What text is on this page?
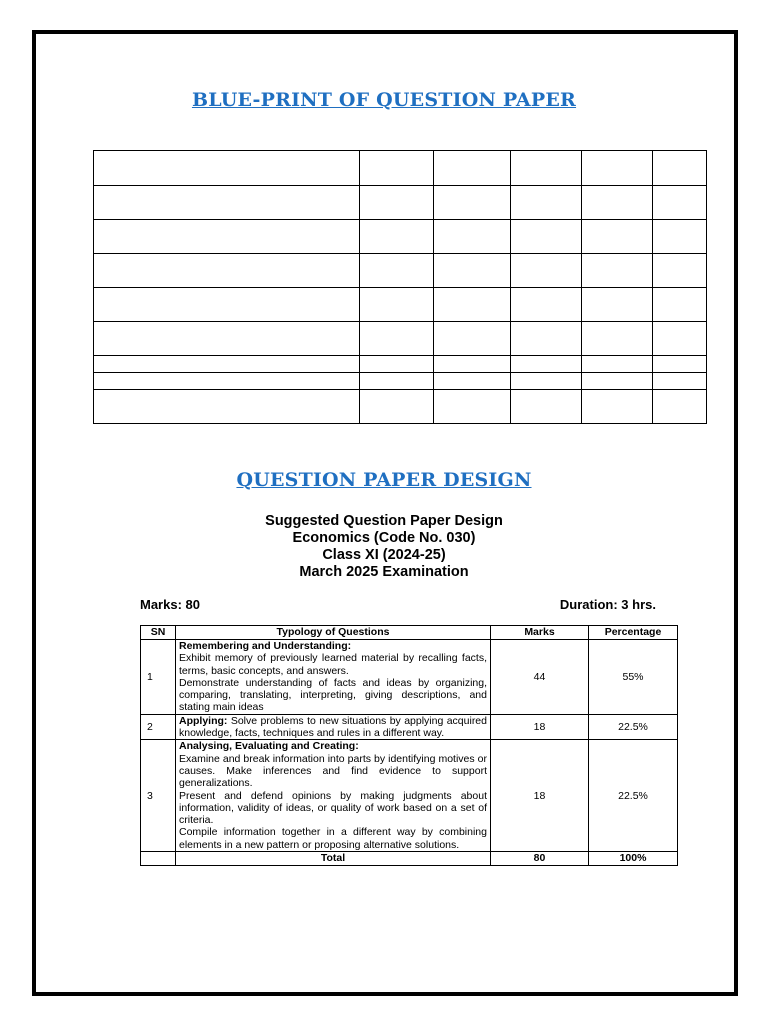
BLUE-PRINT OF QUESTION PAPER

QUESTION PAPER DESIGN
Suggested Question Paper Design
Economics (Code No. 030)
Class XI (2024-25)
March 2025 Examination
Marks: 80	Duration: 3 hrs.
SN	Typology of Questions	Marks	Percentage
1	Remembering and Understanding:
Exhibit memory of previously learned material by recalling facts, terms, basic concepts, and answers.
Demonstrate understanding of facts and ideas by organizing, comparing, translating, interpreting, giving descriptions, and stating main ideas	44	55%
2	Applying: Solve problems to new situations by applying acquired knowledge, facts, techniques and rules in a different way.	18	22.5%
3	Analysing, Evaluating and Creating:
Examine and break information into parts by identifying motives or causes. Make inferences and find evidence to support generalizations.
Present and defend opinions by making judgments about information, validity of ideas, or quality of work based on a set of criteria.
Compile information together in a different way by combining elements in a new pattern or proposing alternative solutions.	18	22.5%
	Total	80	100%
